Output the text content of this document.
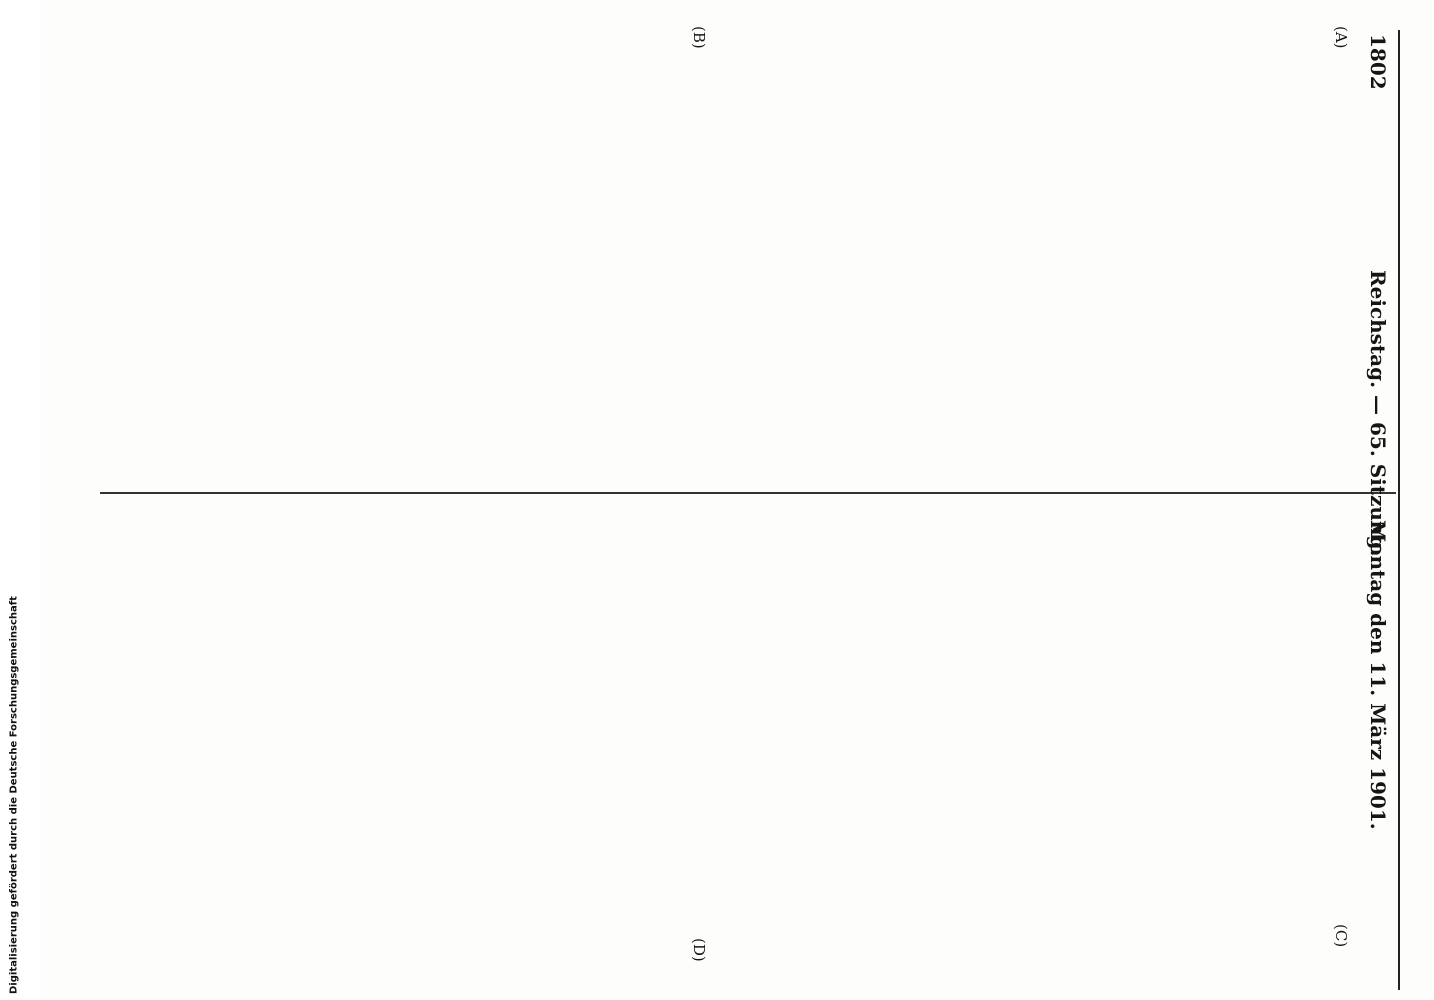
1802
Reichstag. — 65. Sitzung.
Montag den 11. März 1901.
(A)
(B)
(C)
(D)
Digitalisierung gefördert durch die Deutsche Forschungsgemeinschaft
